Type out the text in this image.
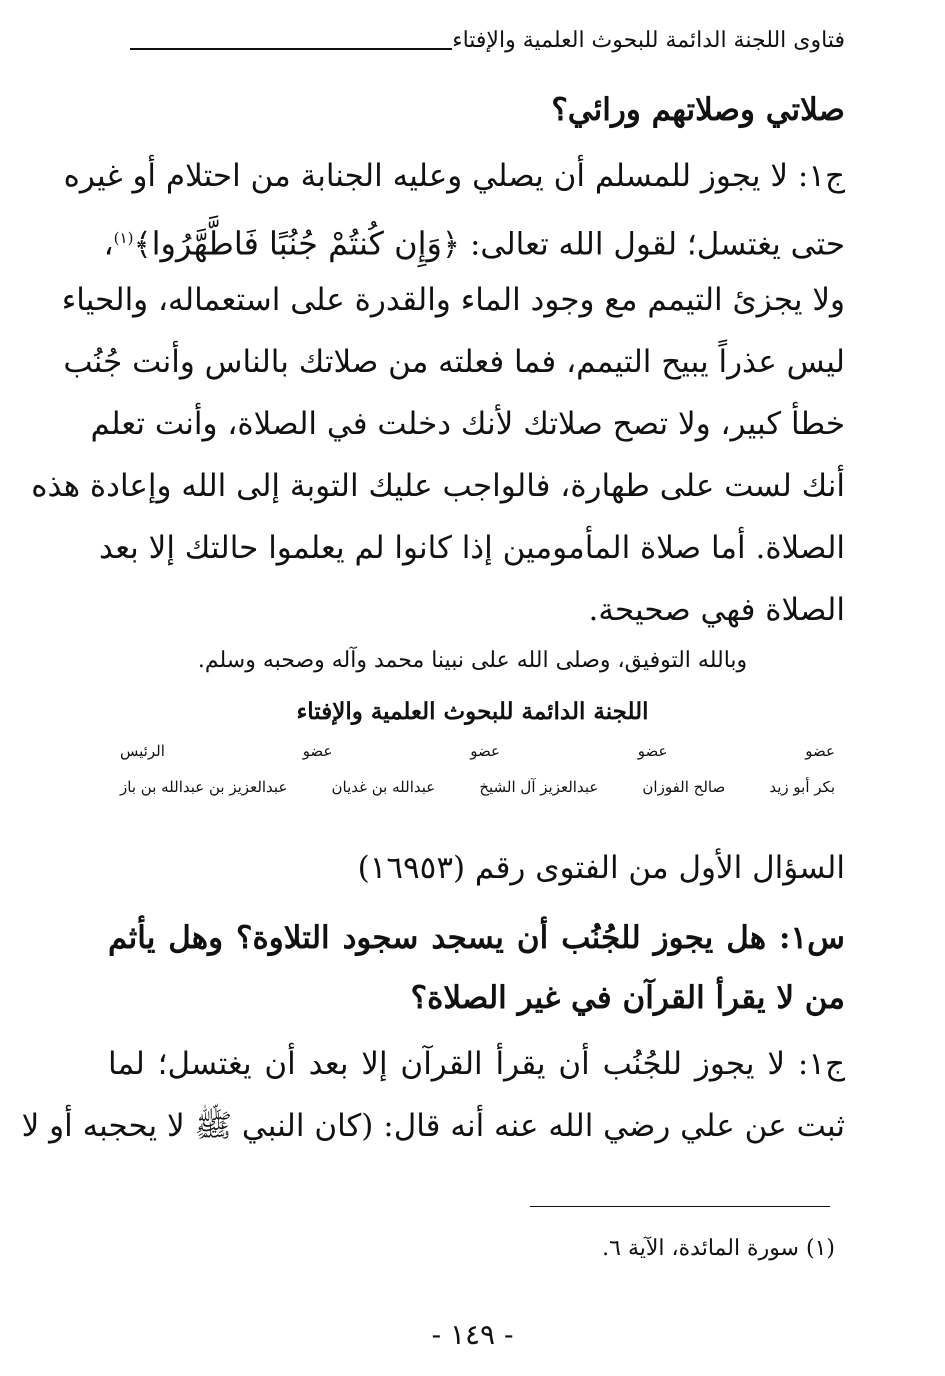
فتاوى اللجنة الدائمة للبحوث العلمية والإفتاء
صلاتي وصلاتهم ورائي؟
ج١: لا يجوز للمسلم أن يصلي وعليه الجنابة من احتلام أو غيره
حتى يغتسل؛ لقول الله تعالى: ﴿وَإِن كُنتُمْ جُنُبًا فَاطَّهَّرُوا﴾$^{(١)}$،
ولا يجزئ التيمم مع وجود الماء والقدرة على استعماله، والحياء
ليس عذراً يبيح التيمم، فما فعلته من صلاتك بالناس وأنت جُنُب
خطأ كبير، ولا تصح صلاتك لأنك دخلت في الصلاة، وأنت تعلم
أنك لست على طهارة، فالواجب عليك التوبة إلى الله وإعادة هذه
الصلاة. أما صلاة المأمومين إذا كانوا لم يعلموا حالتك إلا بعد
الصلاة فهي صحيحة.
وبالله التوفيق، وصلى الله على نبينا محمد وآله وصحبه وسلم.
اللجنة الدائمة للبحوث العلمية والإفتاء
عضو
عضو
عضو
عضو
الرئيس
بكر أبو زيد
صالح الفوزان
عبدالعزيز آل الشيخ
عبدالله بن غديان
عبدالعزيز بن عبدالله بن باز
السؤال الأول من الفتوى رقم (١٦٩٥٣)
س١: هل يجوز للجُنُب أن يسجد سجود التلاوة؟ وهل يأثم
من لا يقرأ القرآن في غير الصلاة؟
ج١: لا يجوز للجُنُب أن يقرأ القرآن إلا بعد أن يغتسل؛ لما
ثبت عن علي رضي الله عنه أنه قال: (كان النبي ﷺ لا يحجبه أو لا
(١) سورة المائدة، الآية ٦.
- ١٤٩ -
